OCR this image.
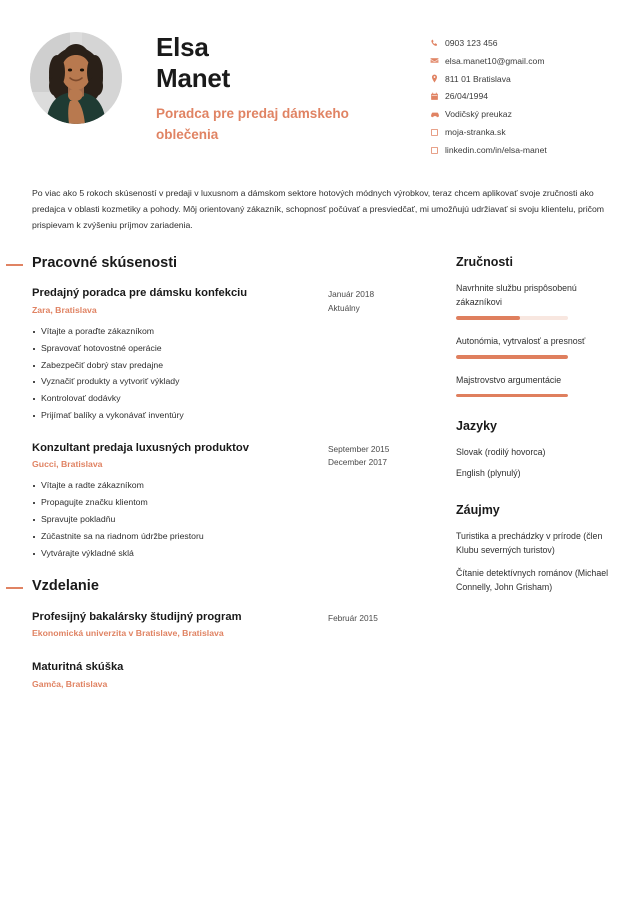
Elsa
Manet
Poradca pre predaj dámskeho oblečenia
0903 123 456
elsa.manet10@gmail.com
811 01 Bratislava
26/04/1994
Vodičský preukaz
moja-stranka.sk
linkedin.com/in/elsa-manet
Po viac ako 5 rokoch skúseností v predaji v luxusnom a dámskom sektore hotových módnych výrobkov, teraz chcem aplikovať svoje zručnosti ako predajca v oblasti kozmetiky a pohody. Môj orientovaný zákazník, schopnosť počúvať a presviedčať, mi umožňujú udržiavať si svoju klientelu, pričom prispievam k zvýšeniu príjmov zariadenia.
Pracovné skúsenosti
Predajný poradca pre dámsku konfekciu
Zara, Bratislava
Január 2018
Aktuálny
Vítajte a poraďte zákazníkom
Spravovať hotovostné operácie
Zabezpečiť dobrý stav predajne
Vyznačiť produkty a vytvoriť výklady
Kontrolovať dodávky
Prijímať balíky a vykonávať inventúry
Konzultant predaja luxusných produktov
Gucci, Bratislava
September 2015
December 2017
Vítajte a radte zákazníkom
Propagujte značku klientom
Spravujte pokladňu
Zúčastnite sa na riadnom údržbe priestoru
Vytvárajte výkladné sklá
Vzdelanie
Profesijný bakalársky študijný program
Ekonomická univerzita v Bratislave, Bratislava
Február 2015
Maturitná skúška
Gamča, Bratislava
Zručnosti
Navrhnite službu prispôsobenú zákazníkovi
Autonómia, vytrvalosť a presnosť
Majstrovstvo argumentácie
Jazyky
Slovak (rodilý hovorca)
English (plynulý)
Záujmy
Turistika a prechádzky v prírode (člen Klubu severných turistov)
Čítanie detektívnych románov (Michael Connelly, John Grisham)
